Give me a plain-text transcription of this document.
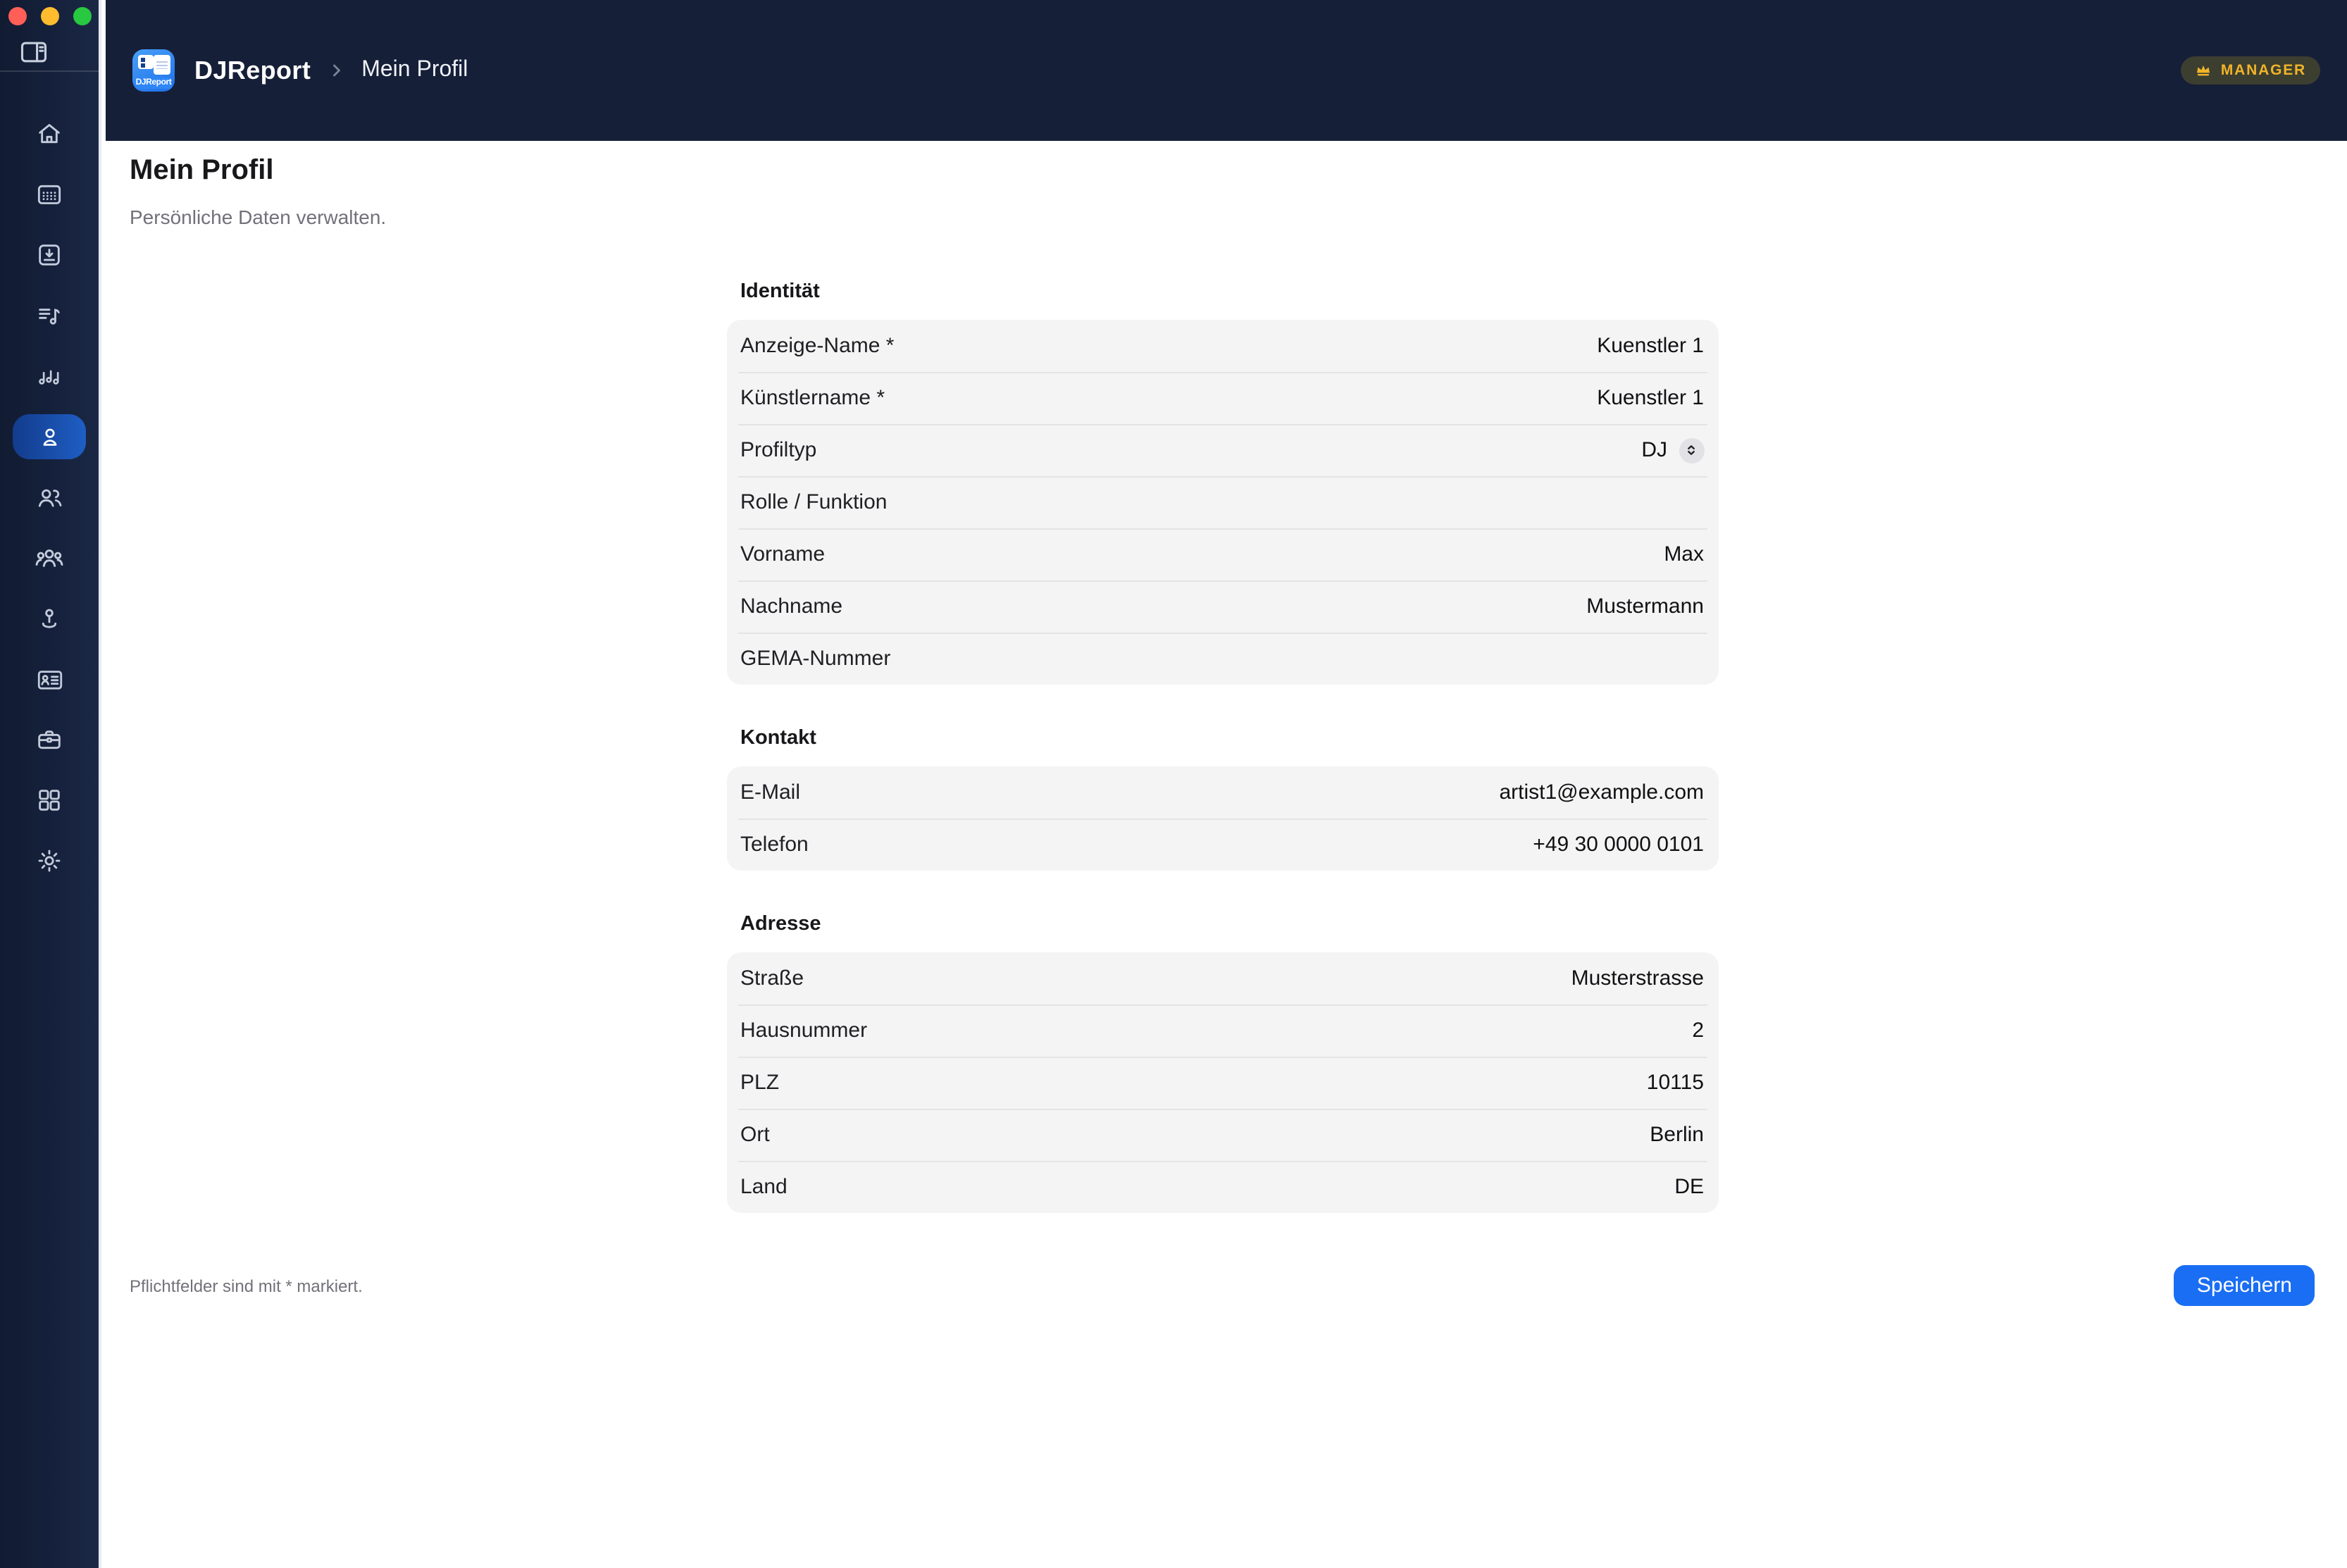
DJReport DJReport	Mein Profil	MANAGER
Mein Profil

Persönliche Daten verwalten.

Identität
Anzeige-Name *	Kuenstler 1
Künstlername *	Kuenstler 1
Profiltyp	DJ
Rolle / Funktion
Vorname	Max
Nachname	Mustermann
GEMA-Nummer
Kontakt
E-Mail	artist1@example.com
Telefon	+49 30 0000 0101
Adresse
Straße	Musterstrasse
Hausnummer	2
PLZ	10115
Ort	Berlin
Land	DE

Pflichtfelder sind mit * markiert.	Speichern
